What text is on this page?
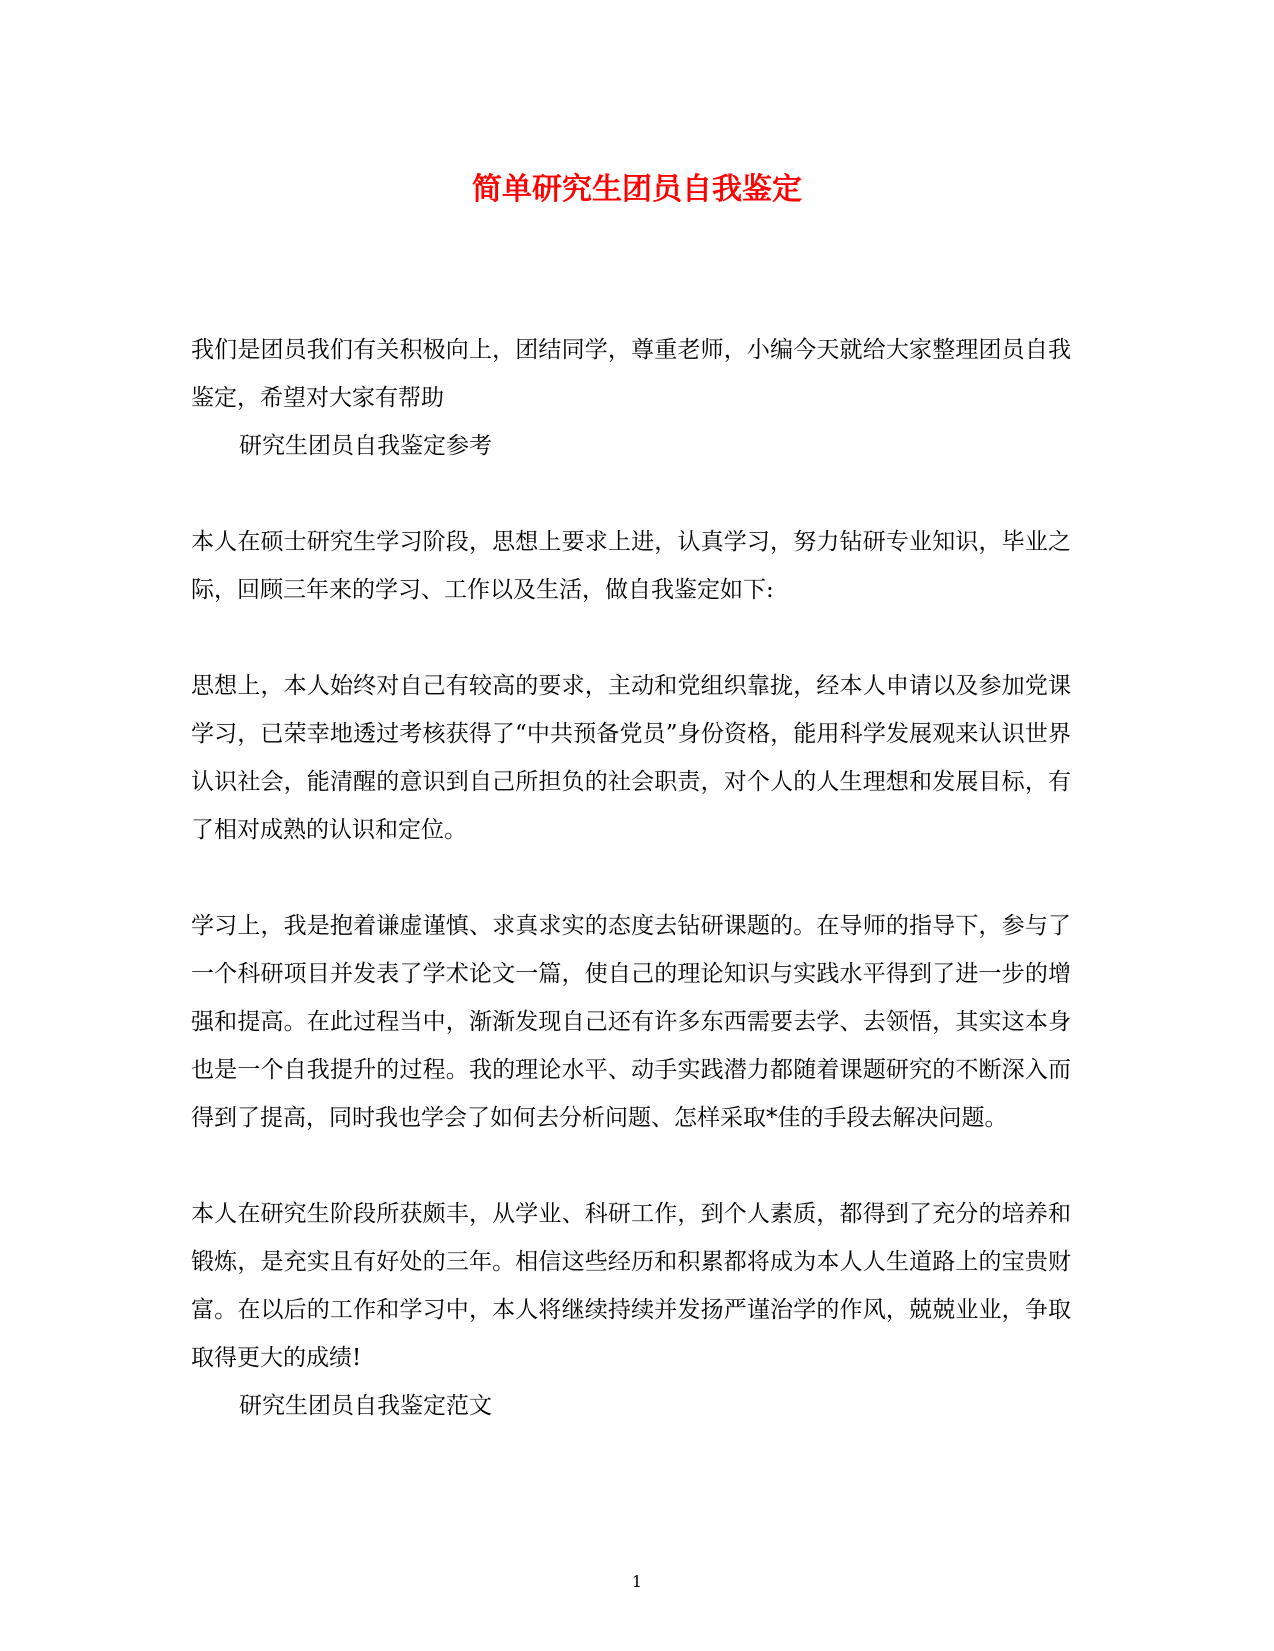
简单研究生团员自我鉴定

我们是团员我们有关积极向上，团结同学，尊重老师，小编今天就给大家整理团员自我鉴定，希望对大家有帮助

研究生团员自我鉴定参考

本人在硕士研究生学习阶段，思想上要求上进，认真学习，努力钻研专业知识，毕业之际，回顾三年来的学习、工作以及生活，做自我鉴定如下:

思想上，本人始终对自己有较高的要求，主动和党组织靠拢，经本人申请以及参加党课学习，已荣幸地透过考核获得了“中共预备党员”身份资格，能用科学发展观来认识世界认识社会，能清醒的意识到自己所担负的社会职责，对个人的人生理想和发展目标，有了相对成熟的认识和定位。

学习上，我是抱着谦虚谨慎、求真求实的态度去钻研课题的。在导师的指导下，参与了一个科研项目并发表了学术论文一篇，使自己的理论知识与实践水平得到了进一步的增强和提高。在此过程当中，渐渐发现自己还有许多东西需要去学、去领悟，其实这本身也是一个自我提升的过程。我的理论水平、动手实践潜力都随着课题研究的不断深入而得到了提高，同时我也学会了如何去分析问题、怎样采取*佳的手段去解决问题。

本人在研究生阶段所获颇丰，从学业、科研工作，到个人素质，都得到了充分的培养和锻炼，是充实且有好处的三年。相信这些经历和积累都将成为本人人生道路上的宝贵财富。在以后的工作和学习中，本人将继续持续并发扬严谨治学的作风，兢兢业业，争取取得更大的成绩!

研究生团员自我鉴定范文

1
